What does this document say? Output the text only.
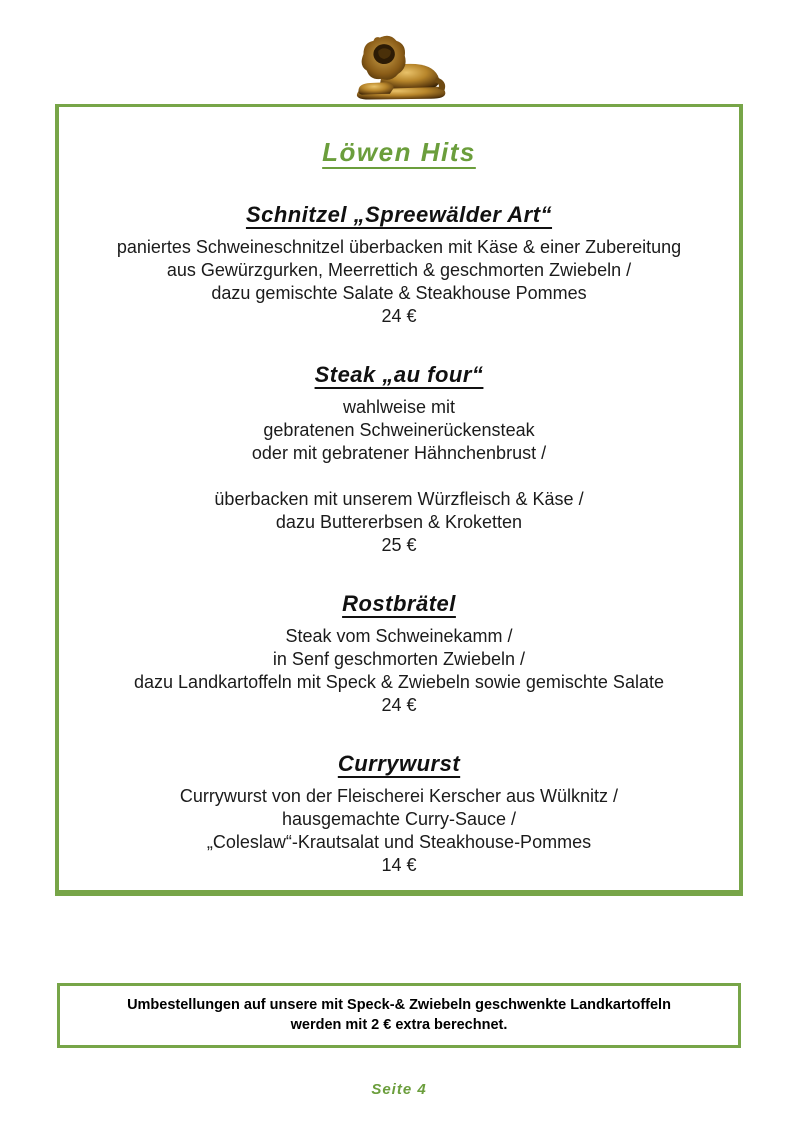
Löwen Hits
Schnitzel „Spreewälder Art“
paniertes Schweineschnitzel überbacken mit Käse & einer Zubereitung
aus Gewürzgurken, Meerrettich & geschmorten Zwiebeln /
dazu gemischte Salate & Steakhouse Pommes
24 €
Steak „au four“
wahlweise mit
gebratenen Schweinerückensteak
oder mit gebratener Hähnchenbrust /

überbacken mit unserem Würzfleisch & Käse /
dazu Buttererbsen & Kroketten
25 €
Rostbrätel
Steak vom Schweinekamm /
in Senf geschmorten Zwiebeln /
dazu Landkartoffeln mit Speck & Zwiebeln sowie gemischte Salate
24 €
Currywurst
Currywurst von der Fleischerei Kerscher aus Wülknitz /
hausgemachte Curry-Sauce /
„Coleslaw“-Krautsalat und Steakhouse-Pommes
14 €
Umbestellungen auf unsere mit Speck-& Zwiebeln geschwenkte Landkartoffeln
werden mit 2 € extra berechnet.
Seite 4
